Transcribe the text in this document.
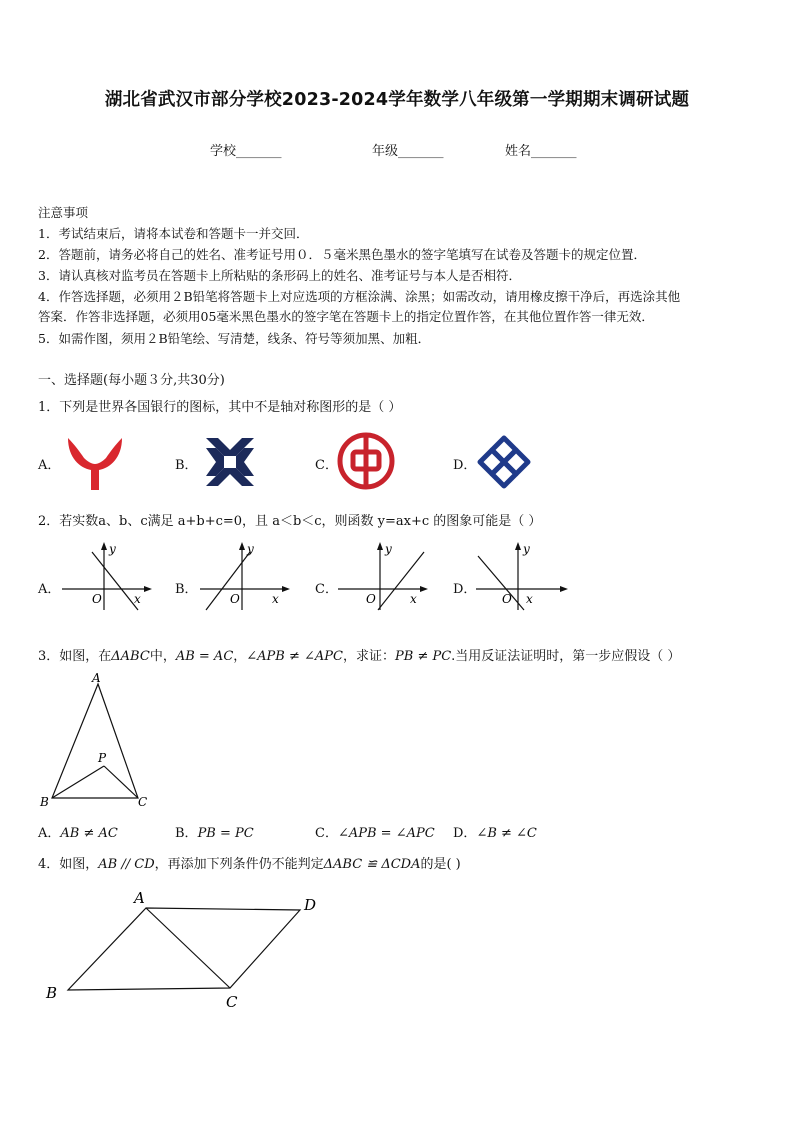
湖北省武汉市部分学校2023-2024学年数学八年级第一学期期末调研试题
学校_______	年级_______	姓名_______
注意事项
1．考试结束后，请将本试卷和答题卡一并交回．
2．答题前，请务必将自己的姓名、准考证号用０．５毫米黑色墨水的签字笔填写在试卷及答题卡的规定位置．
3．请认真核对监考员在答题卡上所粘贴的条形码上的姓名、准考证号与本人是否相符．
4．作答选择题，必须用２B铅笔将答题卡上对应选项的方框涂满、涂黑；如需改动，请用橡皮擦干净后，再选涂其他
答案．作答非选择题，必须用05毫米黑色墨水的签字笔在答题卡上的指定位置作答，在其他位置作答一律无效．
5．如需作图，须用２B铅笔绘、写清楚，线条、符号等须加黑、加粗．
一、选择题(每小题３分,共30分)
1．下列是世界各国银行的图标，其中不是轴对称图形的是（ ）
A．	B．	C．	D．
2．若实数a、b、c满足 a+b+c=0，且 a＜b＜c，则函数 y=ax+c 的图象可能是（ ）
A．	B．	C．	D．
y
x
O
y
x
O
y
x
O
y
x
O
3．如图，在ΔABC中，AB = AC，∠APB ≠ ∠APC，求证：PB ≠ PC.当用反证法证明时，第一步应假设（ ）
A
B	C
P
A．AB ≠ AC	B．PB = PC	C．∠APB = ∠APC D．∠B ≠ ∠C
4．如图，AB // CD，再添加下列条件仍不能判定ΔABC ≌ ΔCDA的是( )
A
B	C
D
